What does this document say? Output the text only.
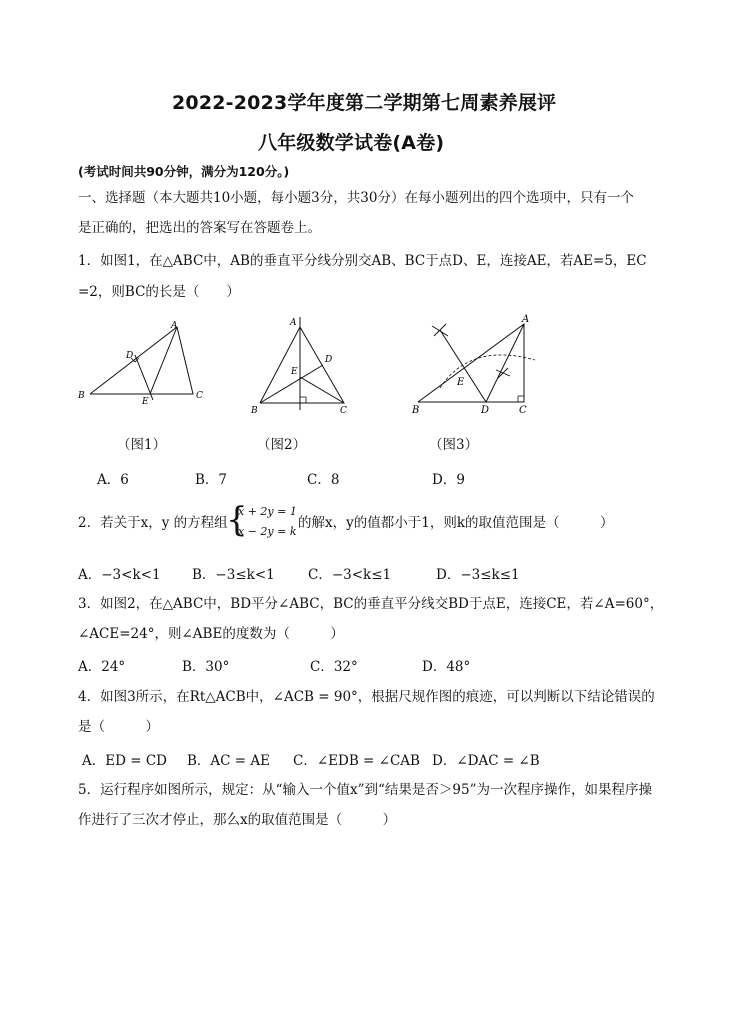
2022-2023学年度第二学期第七周素养展评
八年级数学试卷(A卷)
(考试时间共90分钟，满分为120分。)
一、选择题（本大题共10小题，每小题3分，共30分）在每小题列出的四个选项中，只有一个
是正确的，把选出的答案写在答题卷上。
1．如图1，在△ABC中，AB的垂直平分线分别交AB、BC于点D、E，连接AE，若AE=5，EC
=2，则BC的长是（　　）
A
D
B
E
C
A
D
E
B	C
A
E
B	D	C
（图1）	（图2）	（图3）
A．6	B．7	C．8	D．9
2．若关于x，y 的方程组
{
x + 2y = 1
x − 2y = k
的解x，y的值都小于1，则k的取值范围是（　　　）
A．−3<k<1 B．−3≤k<1 C．−3<k≤1	D．−3≤k≤1
3．如图2，在△ABC中，BD平分∠ABC，BC的垂直平分线交BD于点E，连接CE，若∠A=60°，
∠ACE=24°，则∠ABE的度数为（　　　）
A．24°	B．30°	C．32°	D．48°
4．如图3所示，在Rt△ACB中，∠ACB = 90°，根据尺规作图的痕迹，可以判断以下结论错误的
是（　　　）
A．ED = CD B．AC = AE C．∠EDB = ∠CAB D．∠DAC = ∠B
5．运行程序如图所示，规定：从“输入一个值x”到“结果是否＞95”为一次程序操作，如果程序操
作进行了三次才停止，那么x的取值范围是（　　　）
